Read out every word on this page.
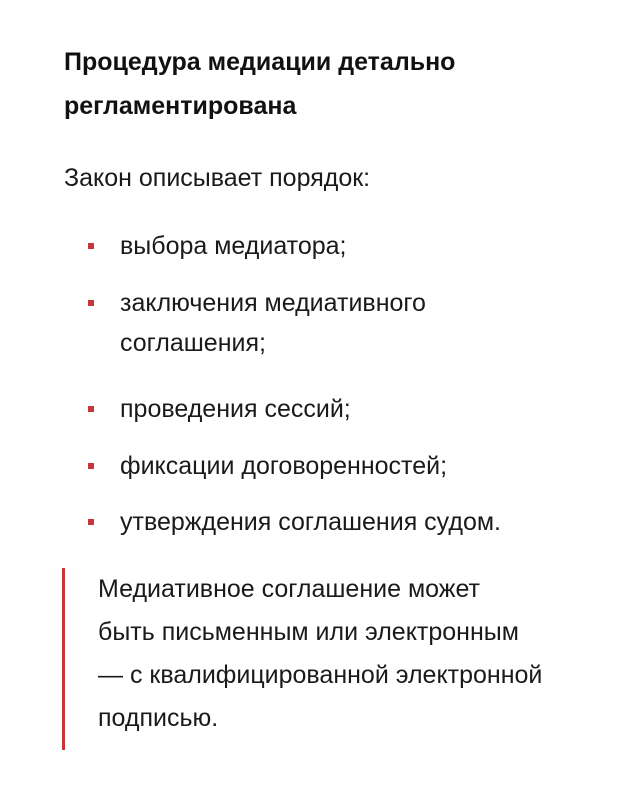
Процедура медиации детально
регламентирована

Закон описывает порядок:

выбора медиатора;
заключения медиативного
соглашения;
проведения сессий;
фиксации договоренностей;
утверждения соглашения судом.

Медиативное соглашение может

быть письменным или электронным

— с квалифицированной электронной

подписью.
